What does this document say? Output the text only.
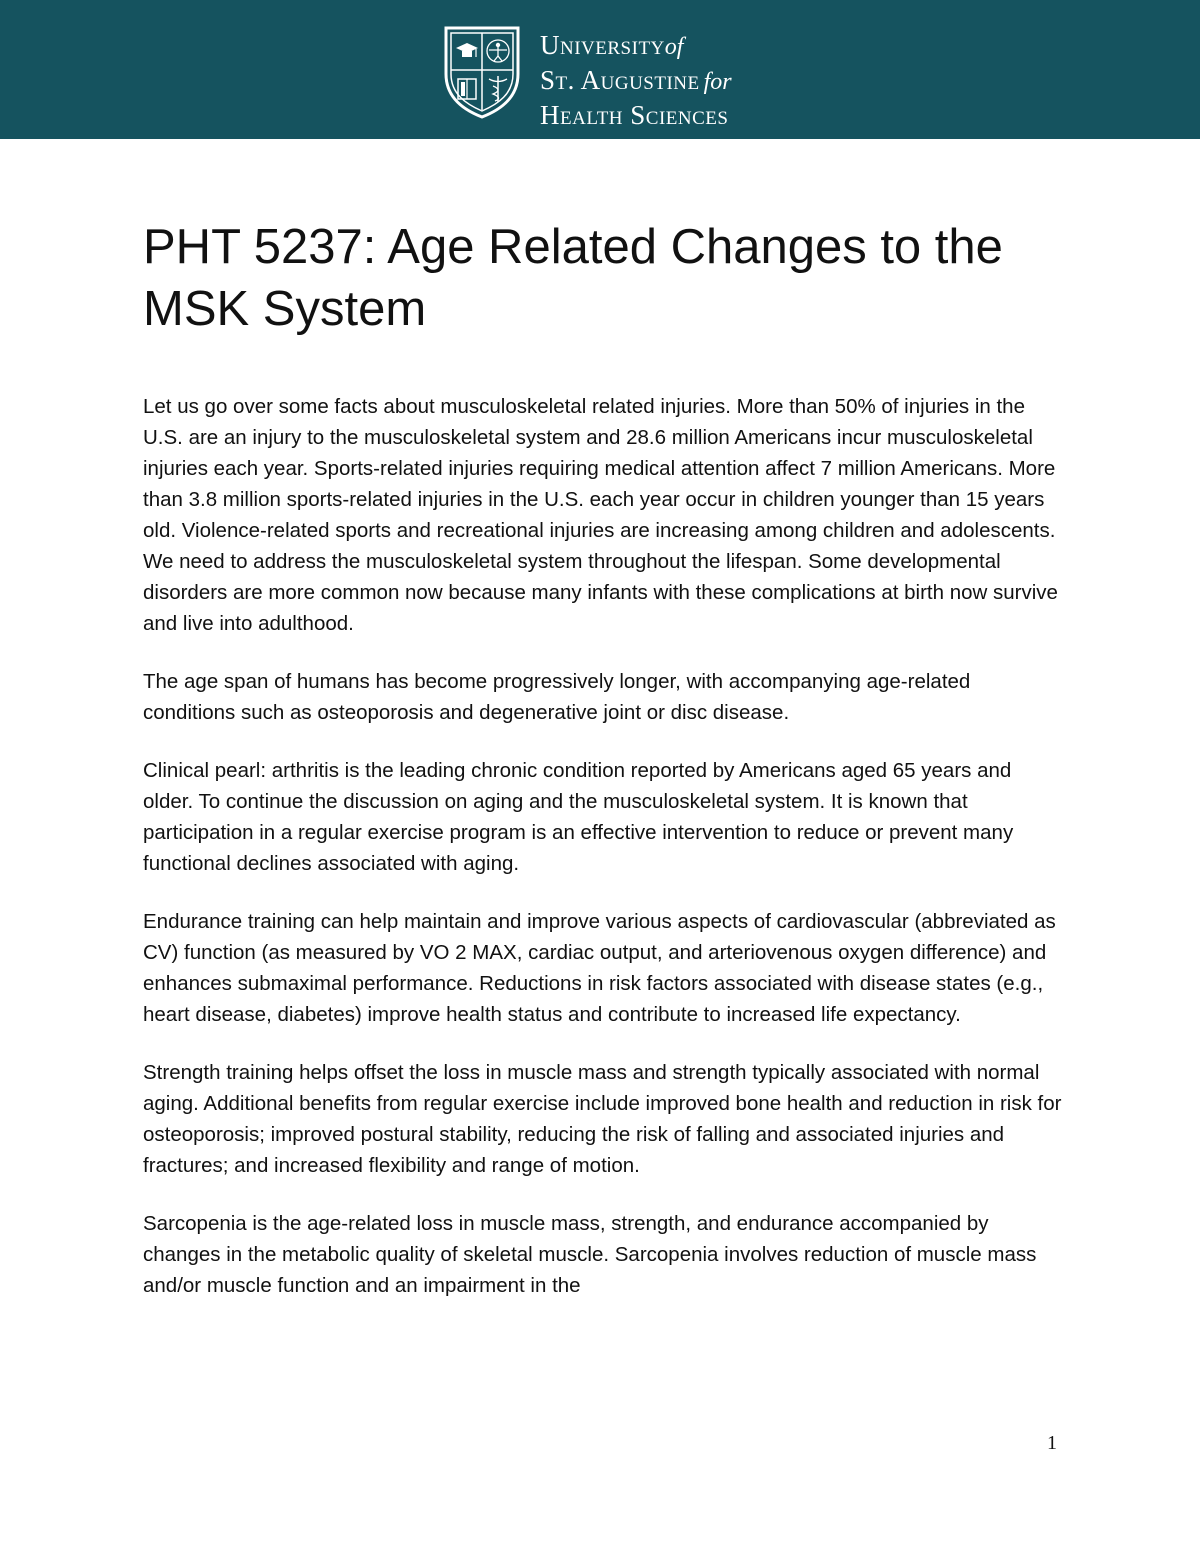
Universityof
St. Augustine for
Health Sciences
PHT 5237: Age Related Changes to the MSK System

Let us go over some facts about musculoskeletal related injuries. More than 50% of injuries in the U.S. are an injury to the musculoskeletal system and 28.6 million Americans incur musculoskeletal injuries each year. Sports-related injuries requiring medical attention affect 7 million Americans. More than 3.8 million sports-related injuries in the U.S. each year occur in children younger than 15 years old. Violence-related sports and recreational injuries are increasing among children and adolescents. We need to address the musculoskeletal system throughout the lifespan. Some developmental disorders are more common now because many infants with these complications at birth now survive and live into adulthood.

The age span of humans has become progressively longer, with accompanying age-related conditions such as osteoporosis and degenerative joint or disc disease.

Clinical pearl: arthritis is the leading chronic condition reported by Americans aged 65 years and older. To continue the discussion on aging and the musculoskeletal system. It is known that participation in a regular exercise program is an effective intervention to reduce or prevent many functional declines associated with aging.

Endurance training can help maintain and improve various aspects of cardiovascular (abbreviated as CV) function (as measured by VO 2 MAX, cardiac output, and arteriovenous oxygen difference) and enhances submaximal performance. Reductions in risk factors associated with disease states (e.g., heart disease, diabetes) improve health status and contribute to increased life expectancy.

Strength training helps offset the loss in muscle mass and strength typically associated with normal aging. Additional benefits from regular exercise include improved bone health and reduction in risk for osteoporosis; improved postural stability, reducing the risk of falling and associated injuries and fractures; and increased flexibility and range of motion.

Sarcopenia is the age-related loss in muscle mass, strength, and endurance accompanied by changes in the metabolic quality of skeletal muscle. Sarcopenia involves reduction of muscle mass and/or muscle function and an impairment in the

1
